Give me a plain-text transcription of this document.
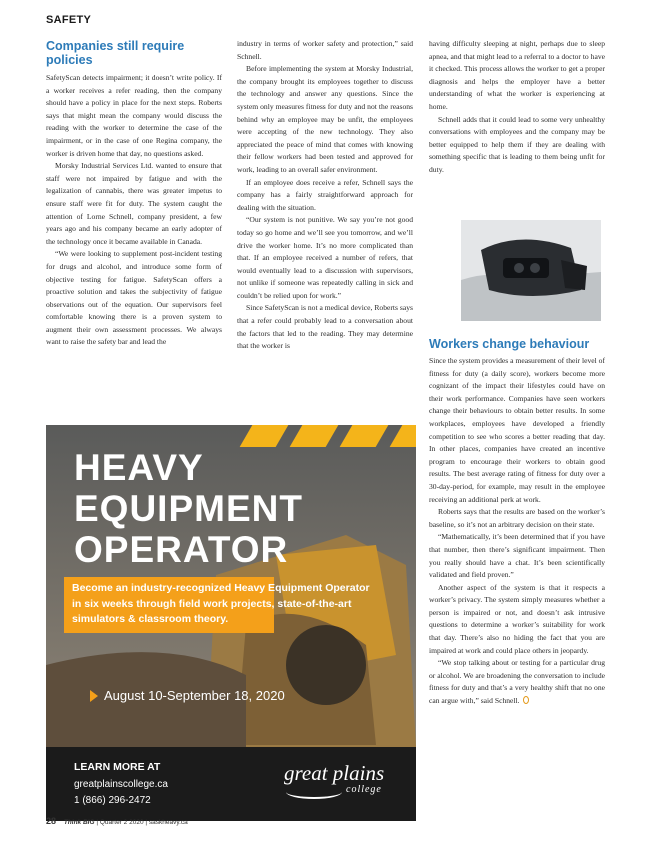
SAFETY
Companies still require policies

SafetyScan detects impairment; it doesn’t write policy. If a worker receives a refer reading, then the company should have a policy in place for the next steps. Roberts says that might mean the company would discuss the reading with the worker to determine the case of the impairment, or in the case of one Regina company, the worker is driven home that day, no questions asked.

Morsky Industrial Services Ltd. wanted to ensure that staff were not impaired by fatigue and with the legalization of cannabis, there was greater impetus to ensure staff were fit for duty. The system caught the attention of Lorne Schnell, company president, a few years ago and his company became an early adopter of the technology once it became available in Canada.

“We were looking to supplement post-incident testing for drugs and alcohol, and introduce some form of objective testing for fatigue. SafetyScan offers a proactive solution and takes the subjectivity of fatigue observations out of the equation. Our supervisors feel comfortable knowing there is a proven system to augment their own assessment processes. We always want to raise the safety bar and lead the

industry in terms of worker safety and protection,” said Schnell.

Before implementing the system at Morsky Industrial, the company brought its employees together to discuss the technology and answer any questions. Since the system only measures fitness for duty and not the reasons behind why an employee may be unfit, the employees were accepting of the new technology. They also appreciated the peace of mind that comes with knowing their fellow workers had been tested and approved for work, leading to an overall safer environment.

If an employee does receive a refer, Schnell says the company has a fairly straightforward approach for dealing with the situation.

“Our system is not punitive. We say you’re not good today so go home and we’ll see you tomorrow, and we’ll drive the worker home. It’s no more complicated than that. If an employee received a number of refers, that would eventually lead to a discussion with supervisors, not unlike if someone was repeatedly calling in sick and couldn’t be relied upon for work.”

Since SafetyScan is not a medical device, Roberts says that a refer could probably lead to a conversation about the factors that led to the reading. They may determine that the worker is

having difficulty sleeping at night, perhaps due to sleep apnea, and that might lead to a referral to a doctor to have it checked. This process allows the worker to get a proper diagnosis and helps the employer have a better understanding of what the worker is experiencing at home.

Schnell adds that it could lead to some very unhealthy conversations with employees and the company may be better equipped to help them if they are dealing with something specific that is leading to them being unfit for duty.

Workers change behaviour

Since the system provides a measurement of their level of fitness for duty (a daily score), workers become more cognizant of the impact their lifestyles could have on their work performance. Companies have seen workers change their behaviours to obtain better results. In some workplaces, employees have developed a friendly competition to see who scores a better reading that day. In other places, companies have created an incentive program to encourage their workers to obtain good results. The best average rating of fitness for duty over a 30-day-period, for example, may result in the employee receiving an additional perk at work.

Roberts says that the results are based on the worker’s baseline, so it’s not an arbitrary decision on their state.

“Mathematically, it’s been determined that if you have that number, then there’s significant impairment. Then you really should have a chat. It’s been scientifically validated and field proven.”

Another aspect of the system is that it respects a worker’s privacy. The system simply measures whether a person is impaired or not, and doesn’t ask intrusive questions to determine a worker’s suitability for work that day. There’s also no hiding the fact that you are impaired at work and could place others in jeopardy.

“We stop talking about or testing for a particular drug or alcohol. We are broadening the conversation to include fitness for duty and that’s a very healthy shift that no one can argue with,” said Schnell.

HEAVY EQUIPMENT OPERATOR
Become an industry-recognized Heavy Equipment Operator in six weeks through field work projects, state-of-the-art simulators & classroom theory.
August 10-September 18, 2020
LEARN MORE AT
greatplainscollege.ca
1 (866) 296-2472
great plains
college
28 Think BIG | Quarter 2 2020 | saskheavy.ca
